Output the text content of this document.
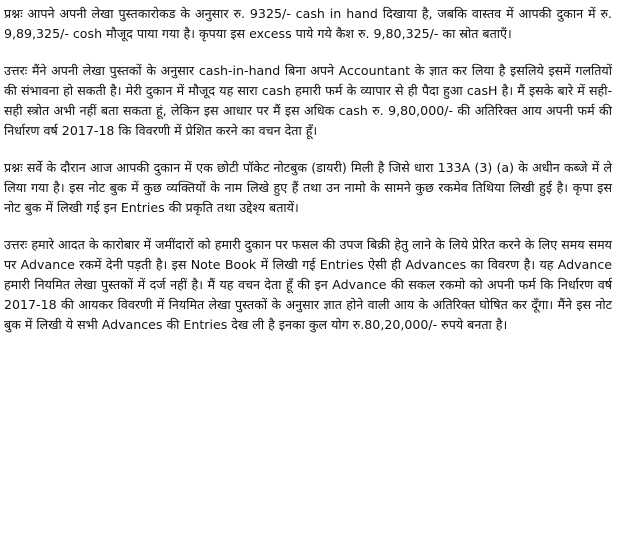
प्रश्नः आपने अपनी लेखा पुस्तकारोकड के अनुसार रु. 9325/- cash in hand दिखाया है, जबकि वास्तव में आपकी दुकान में रु. 9,89,325/- cosh मौजूद पाया गया है। कृपया इस excess पाये गये कैश रु. 9,80,325/- का स्रोत बताएँ।

उत्तरः मैंने अपनी लेखा पुस्तकों के अनुसार cash-in-hand बिना अपने Accountant के ज्ञात कर लिया है इसलिये इसमें गलतियों की संभावना हो सकती है। मेरी दुकान में मौजूद यह सारा cash हमारी फर्म के व्यापार से ही पैदा हुआ casH है। मैं इसके बारे में सही-सही स्त्रोत अभी नहीं बता सकता हूं, लेकिन इस आधार पर मैं इस अधिक cash रु. 9,80,000/- की अतिरिक्त आय अपनी फर्म की निर्धारण वर्ष 2017-18 कि विवरणी में प्रेशित करने का वचन देता हूँ।

प्रश्नः सर्वे के दौरान आज आपकी दुकान में एक छोटी पॉकेट नोटबुक (डायरी) मिली है जिसे धारा 133A (3) (a) के अधीन कब्जे में ले लिया गया है। इस नोट बुक में कुछ व्यक्तियों के नाम लिखे हुए हैं तथा उन नामो के सामने कुछ रकमेव तिथिया लिखी हुई है। कृपा इस नोट बुक में लिखी गई इन Entries की प्रकृति तथा उद्देश्य बतायें।

उत्तरः हमारे आदत के कारोबार में जमींदारों को हमारी दुकान पर फसल की उपज बिक्री हेतु लाने के लिये प्रेरित करने के लिए समय समय पर Advance रकमें देनी पड़ती है। इस Note Book में लिखी गई Entries ऐसी ही Advances का विवरण है। यह Advance हमारी नियमित लेखा पुस्तकों में दर्ज नहीं है। मैं यह वचन देता हूँ की इन Advance की सकल रकमो को अपनी फर्म कि निर्धारण वर्ष 2017-18 की आयकर विवरणी में नियमित लेखा पुस्तकों के अनुसार ज्ञात होने वाली आय के अतिरिक्त घोषित कर दूँगा। मैंने इस नोट बुक में लिखी ये सभी Advances की Entries देख ली है इनका कुल योग रु.80,20,000/- रुपये बनता है।
